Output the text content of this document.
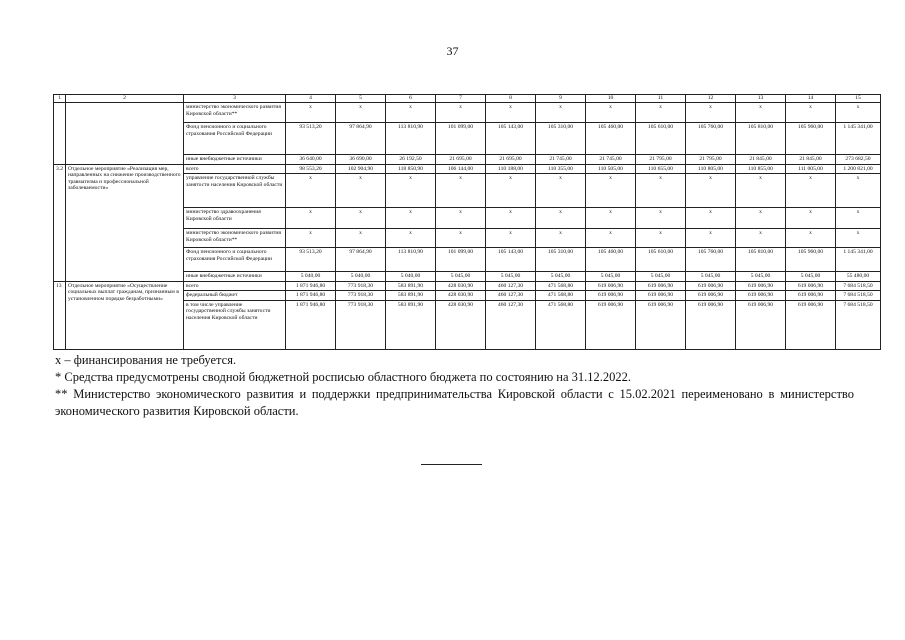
37
1	2	3	4	5	6	7	8	9	10	11	12	13	14	15
		министерство экономического развития Кировской области**	x	x	x	x	x	x	x	x	x	x	x	x
		Фонд пенсионного и социального страхования Российской Федерации	93 513,20	97 864,90	113 810,90	101 099,00	105 143,00	105 310,00	105 460,00	105 610,00	105 760,00	105 810,00	105 960,00	1 145 341,00
		иные внебюджетные источники	36 640,00	36 690,00	26 192,50	21 695,00	21 695,00	21 745,00	21 745,00	21 795,00	21 795,00	21 845,00	21 845,00	273 682,50
3.2	Отдельное мероприятие «Реализация мер, направленных на снижение производственного травматизма и профессиональной заболеваемости»	всего	98 553,20	102 904,90	118 850,90	106 144,00	110 188,00	110 355,00	110 505,00	110 655,00	110 805,00	110 855,00	111 005,00	1 200 821,00
		управление государственной службы занятости населения Кировской области	x	x	x	x	x	x	x	x	x	x	x	x
		министерство здравоохранения Кировской области	x	x	x	x	x	x	x	x	x	x	x	x
		министерство экономического развития Кировской области**	x	x	x	x	x	x	x	x	x	x	x	x
		Фонд пенсионного и социального страхования Российской Федерации	93 513,20	97 864,90	113 810,90	101 099,00	105 143,00	105 310,00	105 460,00	105 610,00	105 760,00	105 810,00	105 960,00	1 145 341,00
		иные внебюджетные источники	5 040,00	5 040,00	5 040,00	5 045,00	5 045,00	5 045,00	5 045,00	5 045,00	5 045,00	5 045,00	5 045,00	55 480,00
13	Отдельное мероприятие «Осуществление социальных выплат гражданам, признанным в установленном порядке безработными»	всего	1 871 946,80	773 918,30	583 891,90	428 030,90	460 127,30	471 568,80	619 006,90	619 006,90	619 006,90	619 006,90	619 006,90	7 684 518,50
		федеральный бюджет	1 871 946,80	773 918,30	583 891,90	428 030,90	460 127,30	471 568,80	619 006,90	619 006,90	619 006,90	619 006,90	619 006,90	7 684 518,50
		в том числе управление государственной службы занятости населения Кировской области	1 871 946,80	773 918,30	583 891,90	428 030,90	460 127,30	471 568,80	619 006,90	619 006,90	619 006,90	619 006,90	619 006,90	7 684 518,50

x – финансирования не требуется.

* Средства предусмотрены сводной бюджетной росписью областного бюджета по состоянию на 31.12.2022.

** Министерство экономического развития и поддержки предпринимательства Кировской области с 15.02.2021 переименовано в министерство экономического развития Кировской области.
